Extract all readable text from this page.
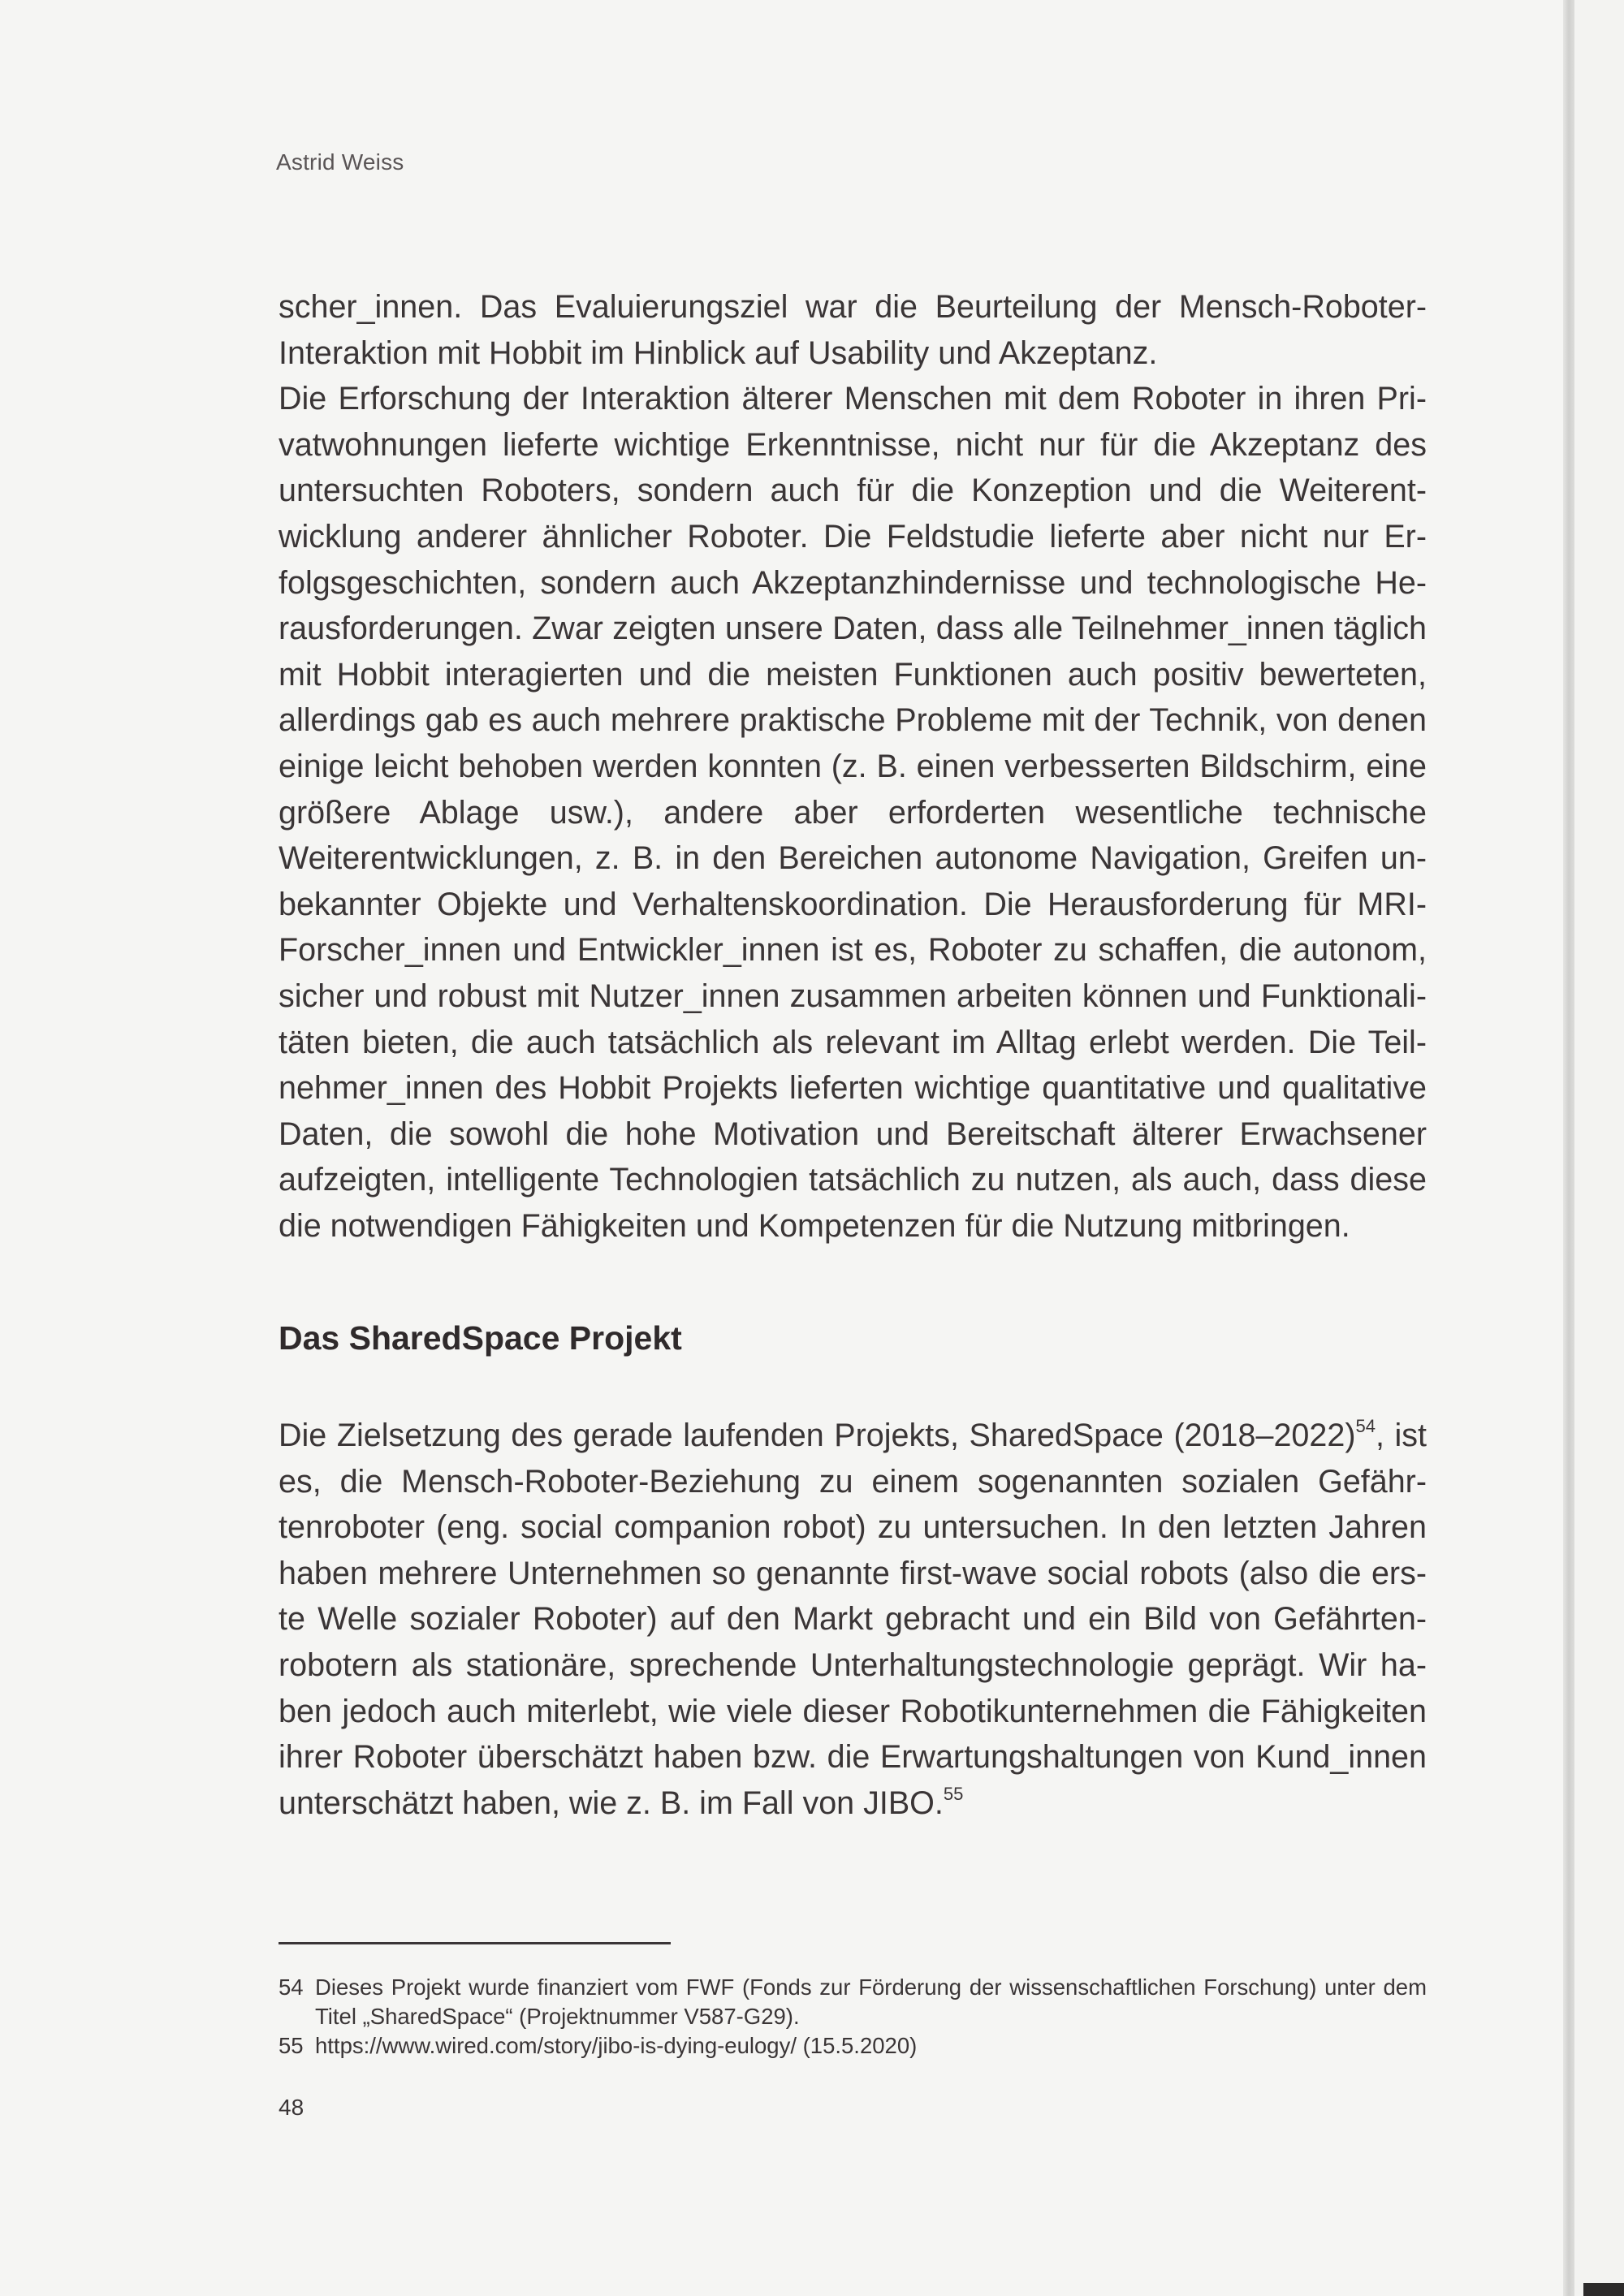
Astrid Weiss

scher_innen. Das Evaluierungsziel war die Beurteilung der Mensch-Roboter-Interaktion mit Hobbit im Hinblick auf Usability und Akzeptanz.

Die Erforschung der Interaktion älterer Menschen mit dem Roboter in ihren Privatwohnungen lieferte wichtige Erkenntnisse, nicht nur für die Akzeptanz des untersuchten Roboters, sondern auch für die Konzeption und die Weiterentwicklung anderer ähnlicher Roboter. Die Feldstudie lieferte aber nicht nur Erfolgsgeschichten, sondern auch Akzeptanzhindernisse und technologische Herausforderungen. Zwar zeigten unsere Daten, dass alle Teilnehmer_innen täglich mit Hobbit interagierten und die meisten Funktionen auch positiv bewerteten, allerdings gab es auch mehrere praktische Probleme mit der Technik, von denen einige leicht behoben werden konnten (z. B. einen verbesserten Bildschirm, eine größere Ablage usw.), andere aber erforderten wesentliche technische Weiterentwicklungen, z. B. in den Bereichen autonome Navigation, Greifen unbekannter Objekte und Verhaltenskoordination. Die Herausforderung für MRI-Forscher_innen und Entwickler_innen ist es, Roboter zu schaffen, die autonom, sicher und robust mit Nutzer_innen zusammen arbeiten können und Funktionalitäten bieten, die auch tatsächlich als relevant im Alltag erlebt werden. Die Teilnehmer_innen des Hobbit Projekts lieferten wichtige quantitative und qualitative Daten, die sowohl die hohe Motivation und Bereitschaft älterer Erwachsener aufzeigten, intelligente Technologien tatsächlich zu nutzen, als auch, dass diese die notwendigen Fähigkeiten und Kompetenzen für die Nutzung mitbringen.

Das SharedSpace Projekt

Die Zielsetzung des gerade laufenden Projekts, SharedSpace (2018–2022)$^{54}$, ist es, die Mensch-Roboter-Beziehung zu einem sogenannten sozialen Gefährtenroboter (eng. social companion robot) zu untersuchen. In den letzten Jahren haben mehrere Unternehmen so genannte first-wave social robots (also die erste Welle sozialer Roboter) auf den Markt gebracht und ein Bild von Gefährtenrobotern als stationäre, sprechende Unterhaltungstechnologie geprägt. Wir haben jedoch auch miterlebt, wie viele dieser Robotikunternehmen die Fähigkeiten ihrer Roboter überschätzt haben bzw. die Erwartungshaltungen von Kund_innen unterschätzt haben, wie z. B. im Fall von JIBO.$^{55}$

54 Dieses Projekt wurde finanziert vom FWF (Fonds zur Förderung der wissenschaftlichen Forschung) unter dem Titel „SharedSpace“ (Projektnummer V587-G29).
55 https://www.wired.com/story/jibo-is-dying-eulogy/ (15.5.2020)
48
